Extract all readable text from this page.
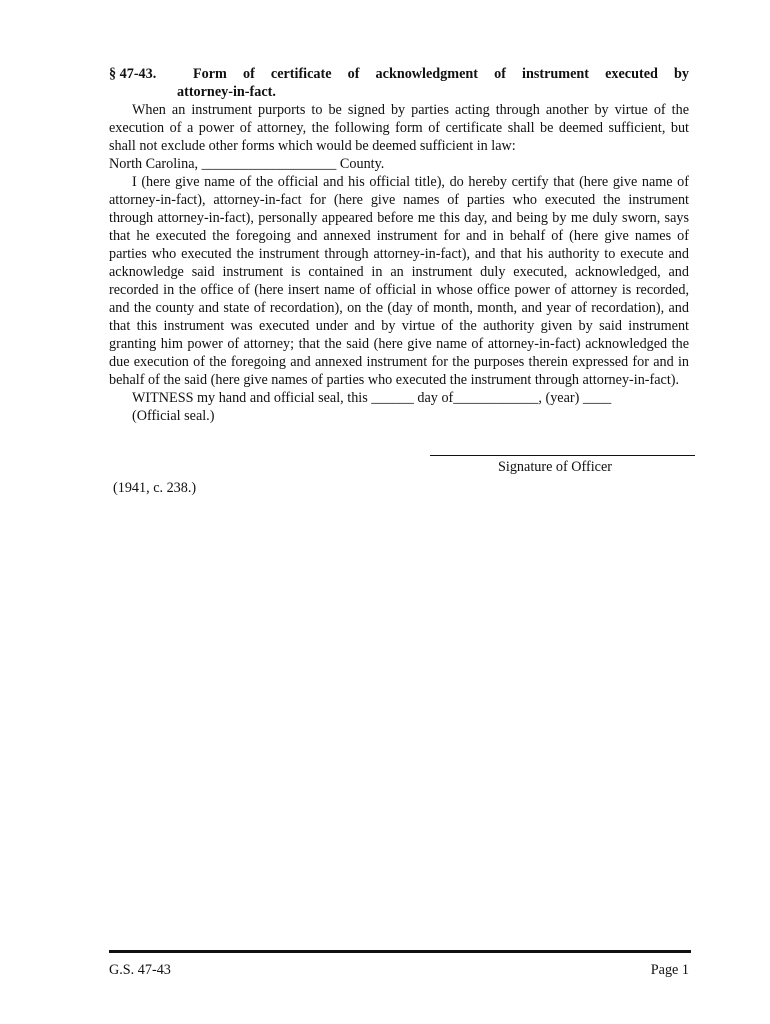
§ 47-43.	Form of certificate of acknowledgment of instrument executed by
attorney-in-fact.

When an instrument purports to be signed by parties acting through another by virtue of the execution of a power of attorney, the following form of certificate shall be deemed sufficient, but shall not exclude other forms which would be deemed sufficient in law:

North Carolina, ___________________ County.

I (here give name of the official and his official title), do hereby certify that (here give name of attorney-in-fact), attorney-in-fact for (here give names of parties who executed the instrument through attorney-in-fact), personally appeared before me this day, and being by me duly sworn, says that he executed the foregoing and annexed instrument for and in behalf of (here give names of parties who executed the instrument through attorney-in-fact), and that his authority to execute and acknowledge said instrument is contained in an instrument duly executed, acknowledged, and recorded in the office of (here insert name of official in whose office power of attorney is recorded, and the county and state of recordation), on the (day of month, month, and year of recordation), and that this instrument was executed under and by virtue of the authority given by said instrument granting him power of attorney; that the said (here give name of attorney-in-fact) acknowledged the due execution of the foregoing and annexed instrument for the purposes therein expressed for and in behalf of the said (here give names of parties who executed the instrument through attorney-in-fact).

WITNESS my hand and official seal, this ______ day of____________, (year) ____

(Official seal.)

Signature of Officer
(1941, c. 238.)
G.S. 47-43	Page 1
